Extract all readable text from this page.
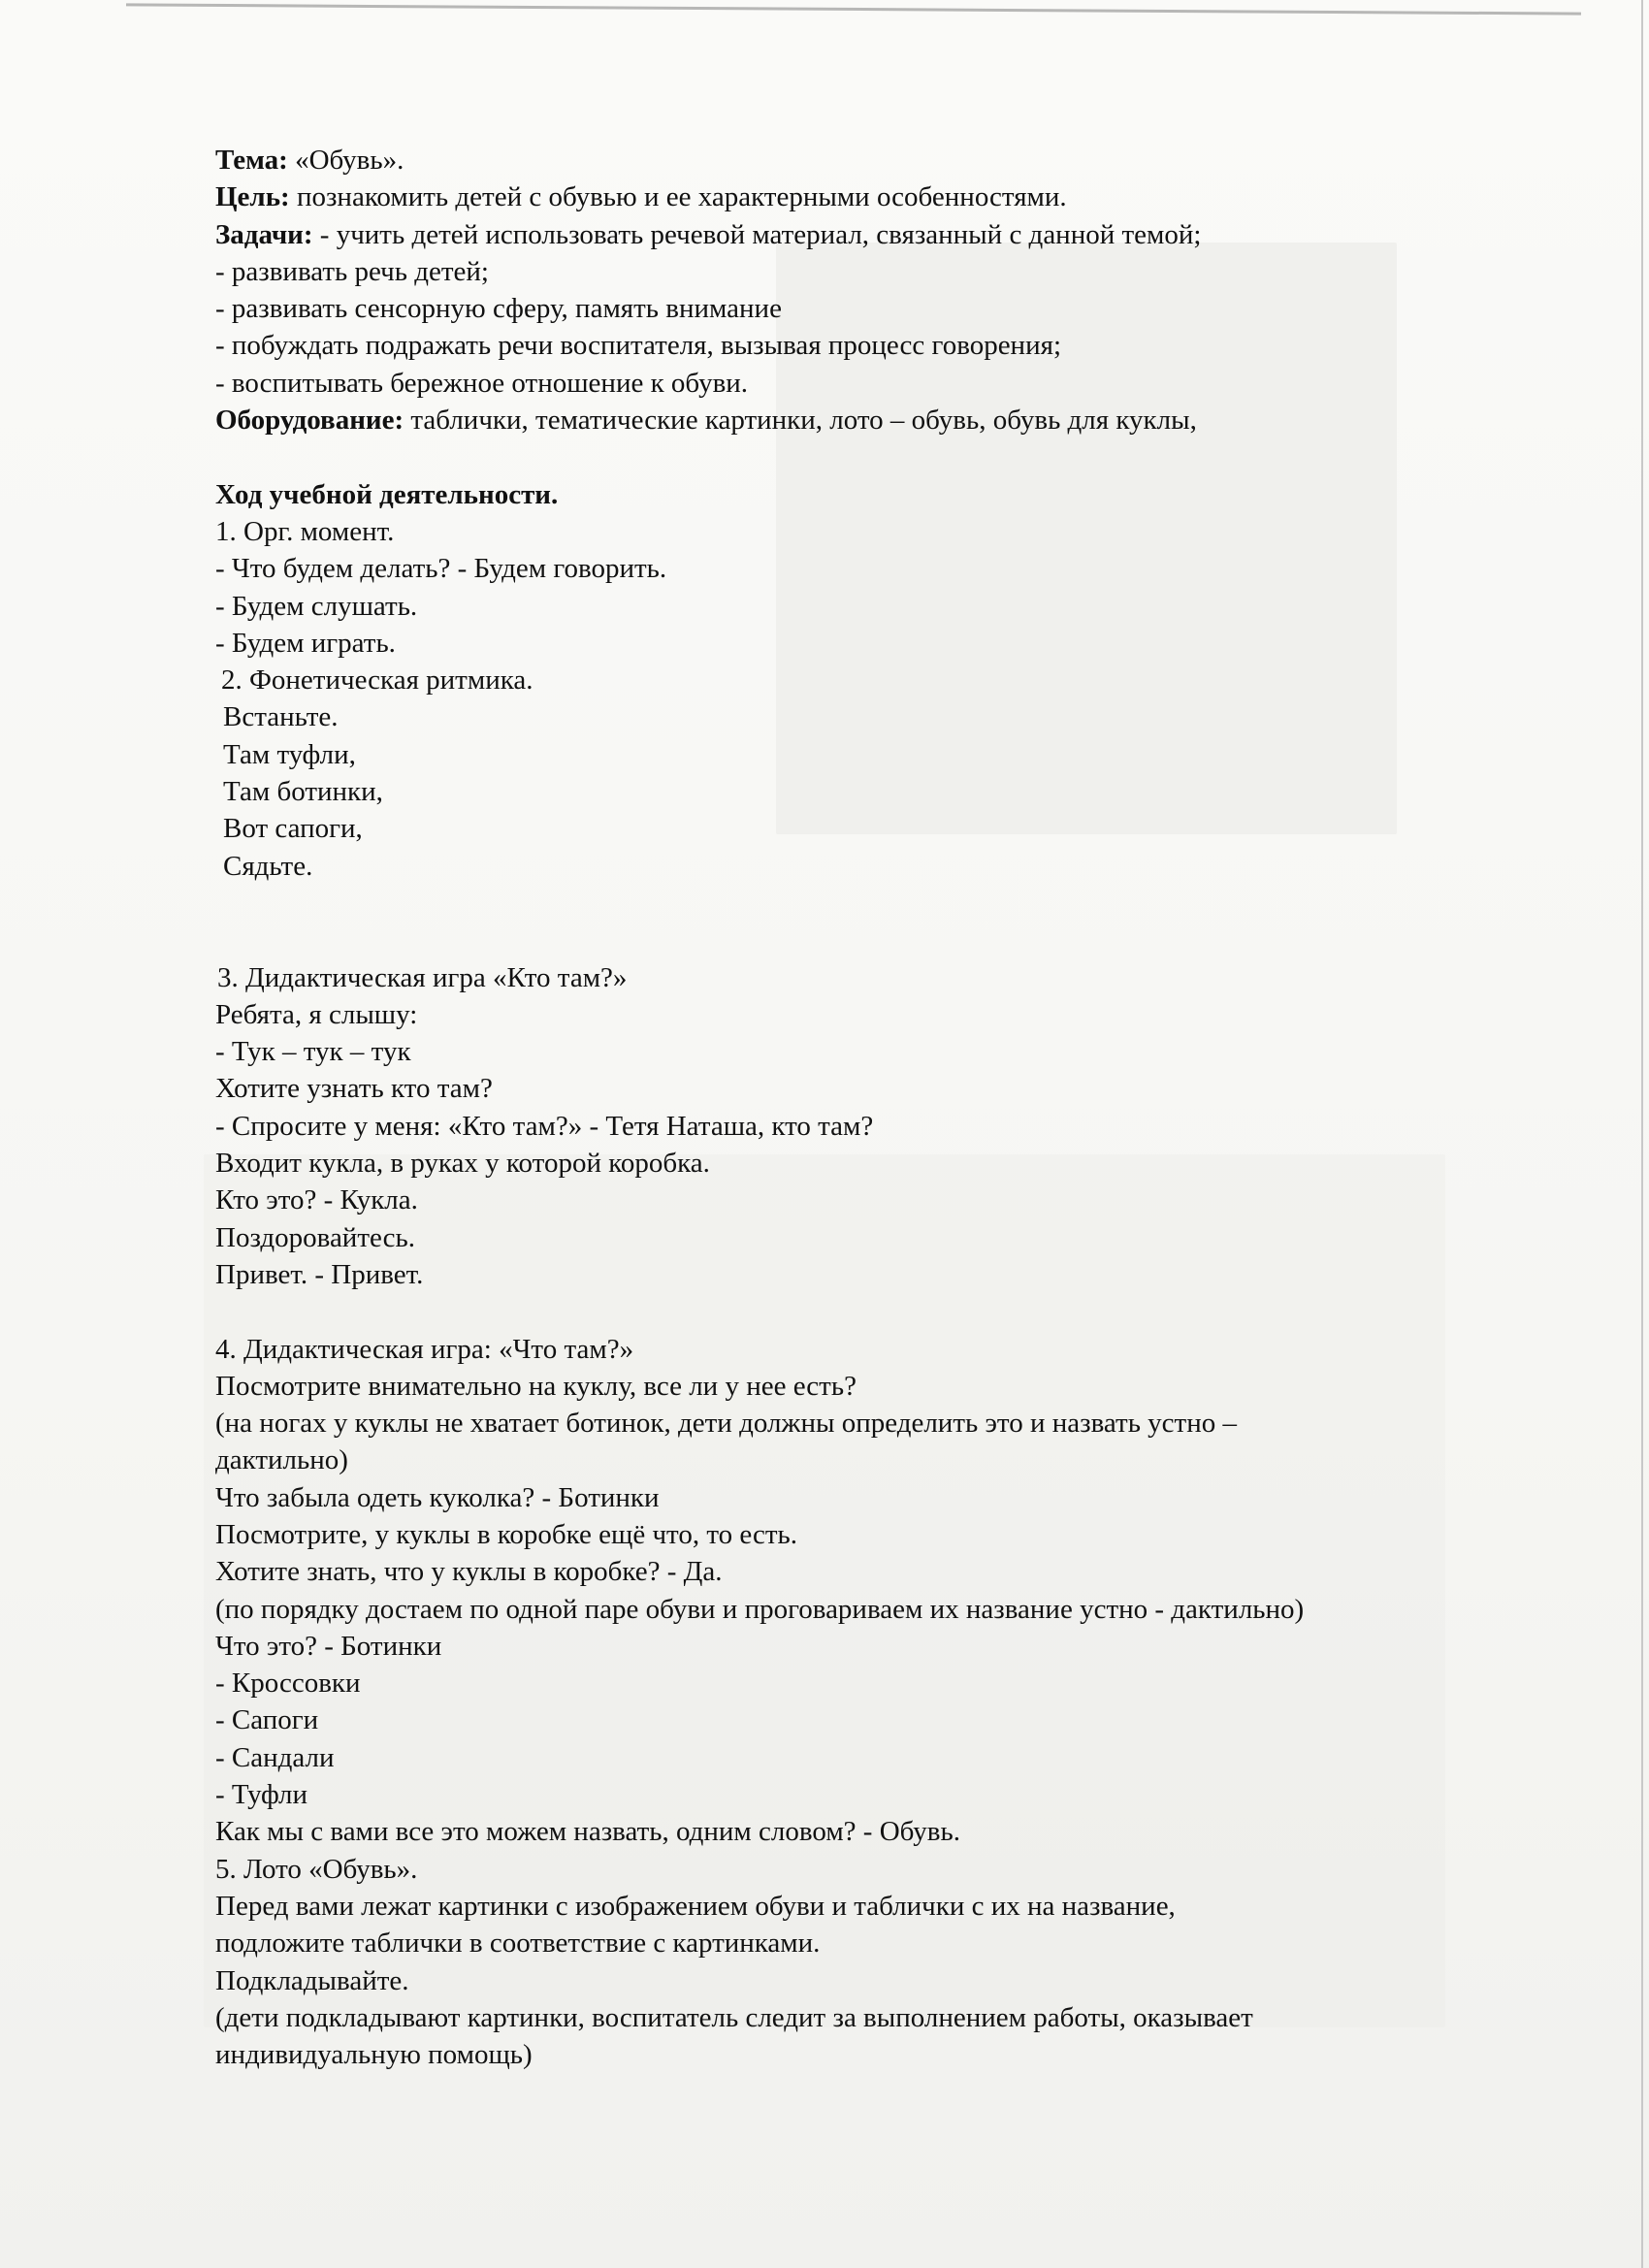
Тема: «Обувь».
Цель: познакомить детей с обувью и ее характерными особенностями.
Задачи: - учить детей использовать речевой материал, связанный с данной темой;
- развивать речь детей;
- развивать сенсорную сферу, память внимание
- побуждать подражать речи воспитателя, вызывая процесс говорения;
- воспитывать бережное отношение к обуви.
Оборудование: таблички, тематические картинки, лото – обувь, обувь для куклы,
Ход учебной деятельности.
1. Орг. момент.
- Что будем делать? - Будем говорить.
- Будем слушать.
- Будем играть.
2. Фонетическая ритмика.
Встаньте.
Там туфли,
Там ботинки,
Вот сапоги,
Сядьте.
3. Дидактическая игра «Кто там?»
Ребята, я слышу:
- Тук – тук – тук
Хотите узнать кто там?
- Спросите у меня: «Кто там?» - Тетя Наташа, кто там?
Входит кукла, в руках у которой коробка.
Кто это? - Кукла.
Поздоровайтесь.
Привет. - Привет.
4. Дидактическая игра: «Что там?»
Посмотрите внимательно на куклу, все ли у нее есть?
(на ногах у куклы не хватает ботинок, дети должны определить это и назвать устно –
дактильно)
Что забыла одеть куколка? - Ботинки
Посмотрите, у куклы в коробке ещё что, то есть.
Хотите знать, что у куклы в коробке? - Да.
(по порядку достаем по одной паре обуви и проговариваем их название устно - дактильно)
Что это? - Ботинки
- Кроссовки
- Сапоги
- Сандали
- Туфли
Как мы с вами все это можем назвать, одним словом? - Обувь.
5. Лото «Обувь».
Перед вами лежат картинки с изображением обуви и таблички с их на название,
подложите таблички в соответствие с картинками.
Подкладывайте.
(дети подкладывают картинки, воспитатель следит за выполнением работы, оказывает
индивидуальную помощь)
